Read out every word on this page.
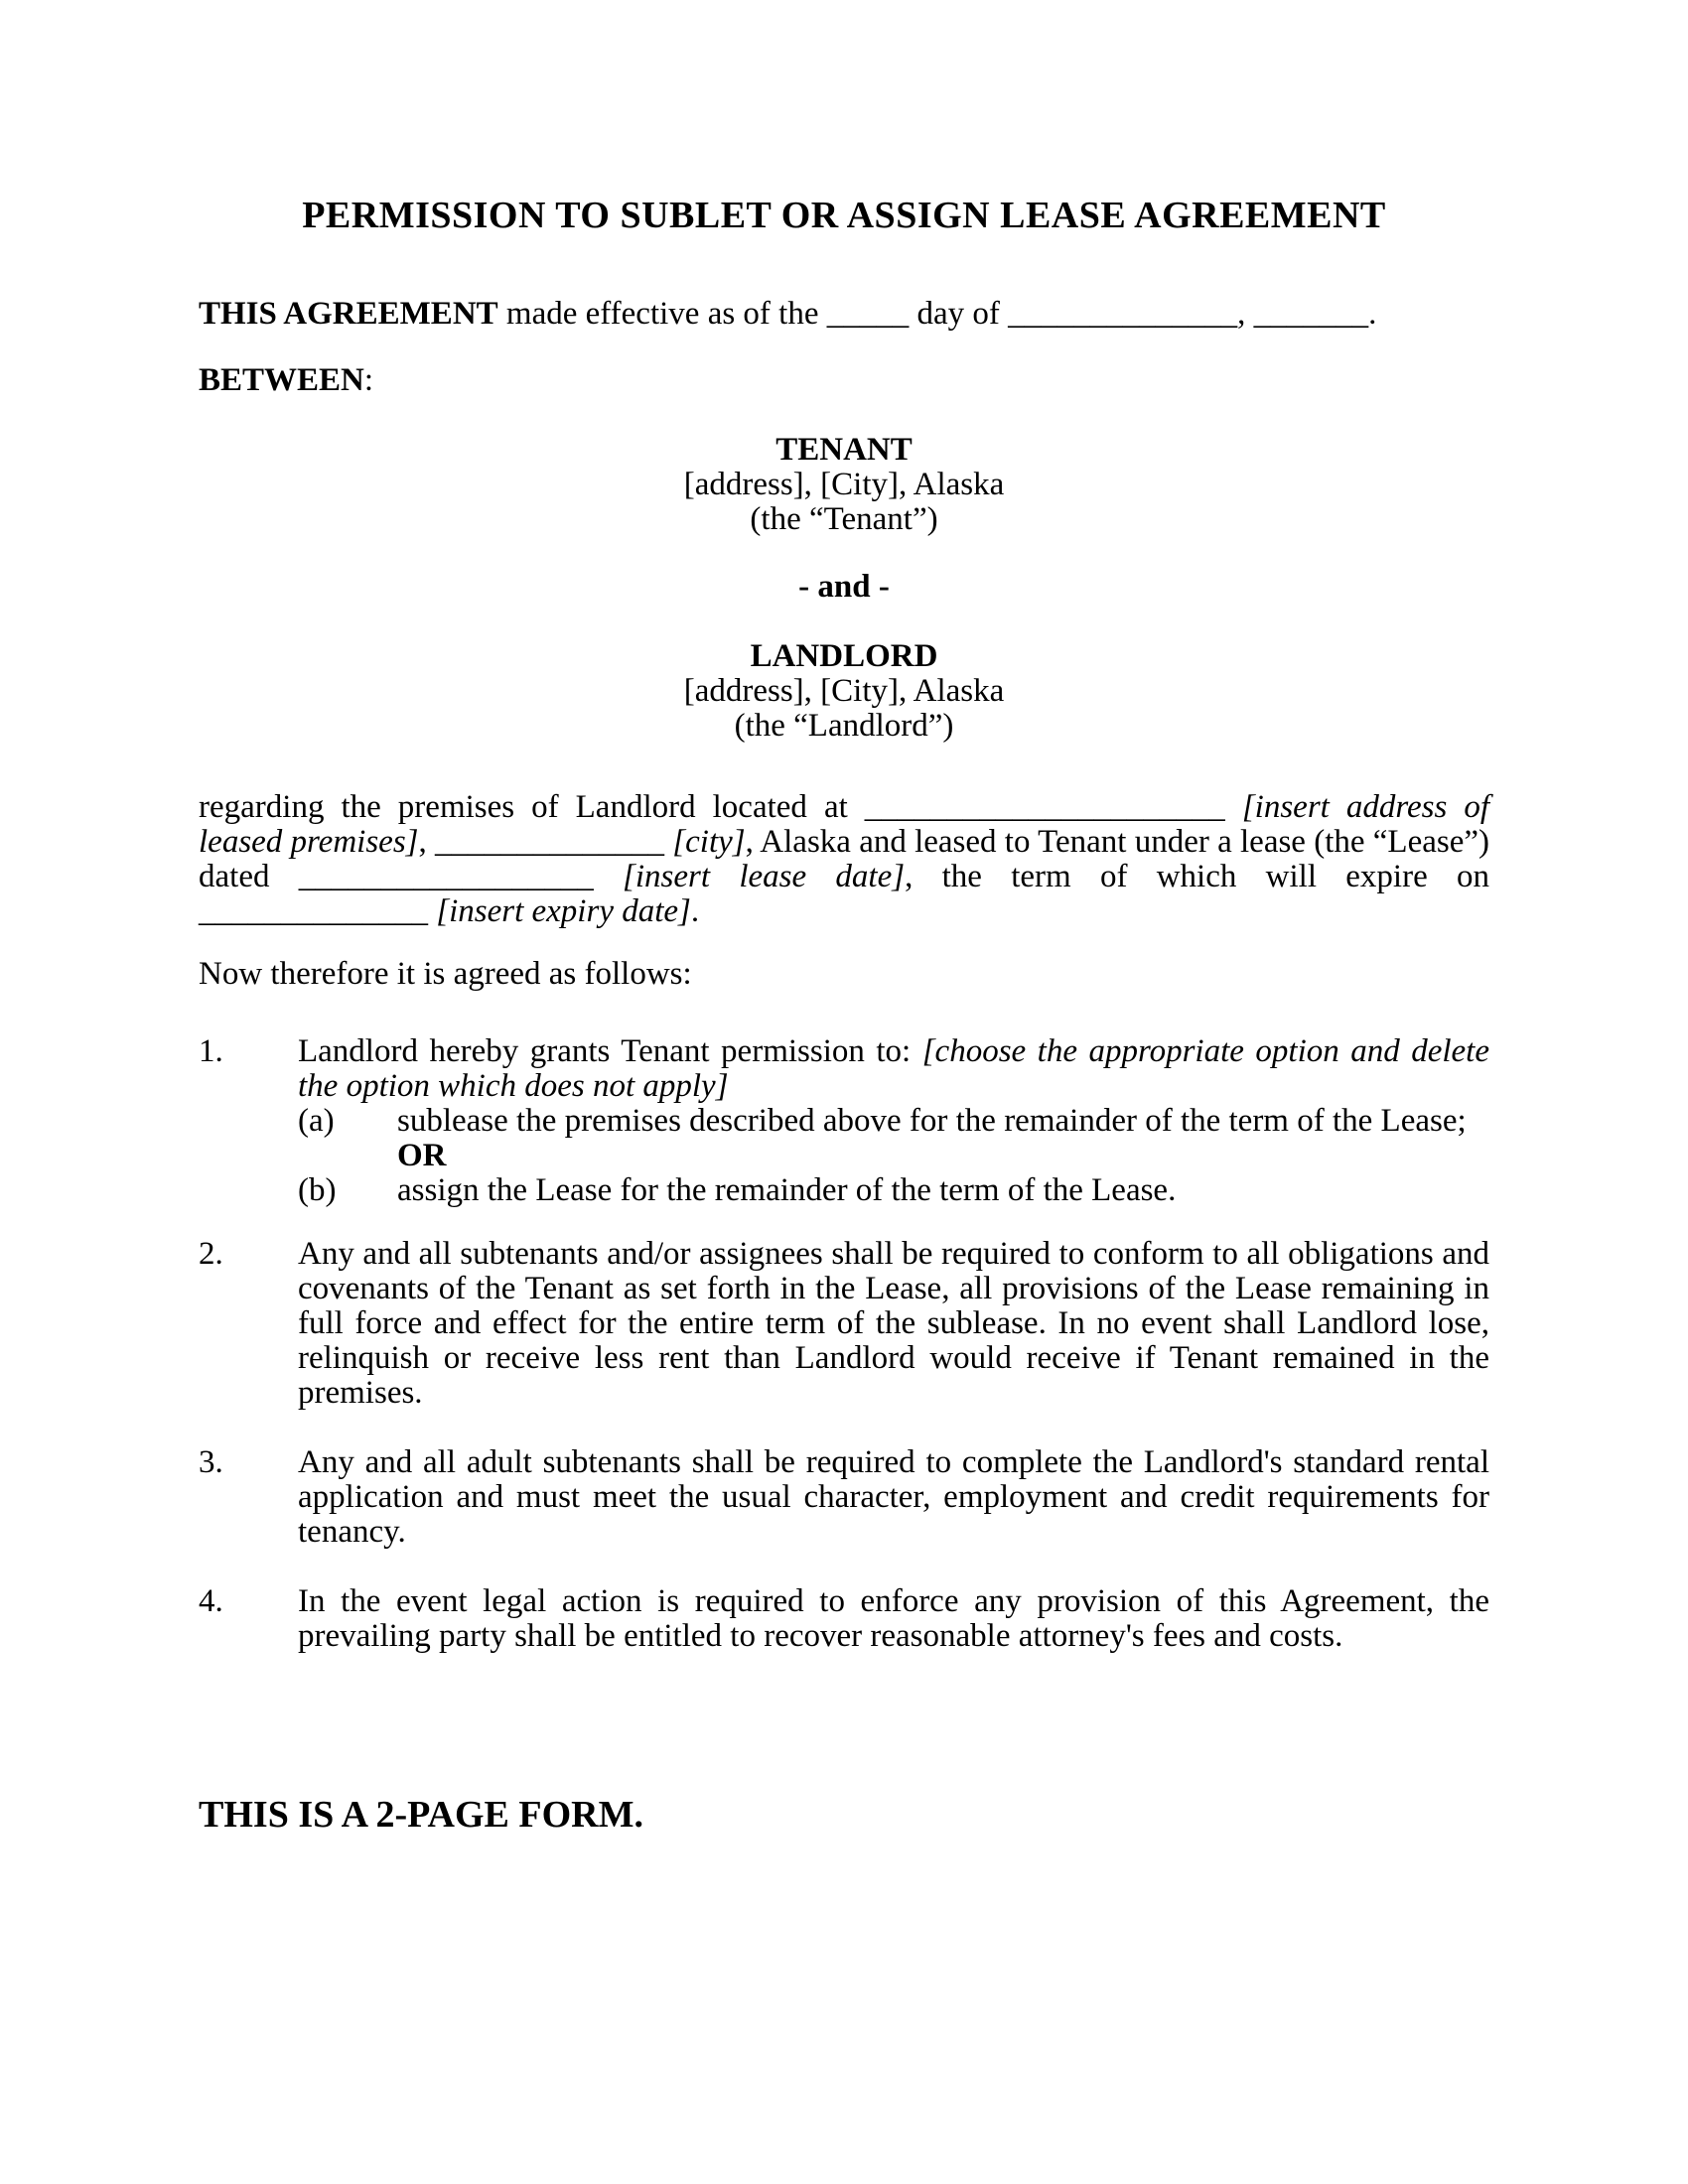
PERMISSION TO SUBLET OR ASSIGN LEASE AGREEMENT

THIS AGREEMENT made effective as of the _____ day of ______________, _______.

BETWEEN:

TENANT
[address], [City], Alaska
(the “Tenant”)

- and -

LANDLORD
[address], [City], Alaska
(the “Landlord”)

regarding the premises of Landlord located at ______________________ [insert address of leased premises], ______________ [city], Alaska and leased to Tenant under a lease (the “Lease”) dated __________________ [insert lease date], the term of which will expire on ______________ [insert expiry date].

Now therefore it is agreed as follows:

1. Landlord hereby grants Tenant permission to: [choose the appropriate option and delete the option which does not apply]
(a) sublease the premises described above for the remainder of the term of the Lease; OR
(b) assign the Lease for the remainder of the term of the Lease.
2. Any and all subtenants and/or assignees shall be required to conform to all obligations and covenants of the Tenant as set forth in the Lease, all provisions of the Lease remaining in full force and effect for the entire term of the sublease. In no event shall Landlord lose, relinquish or receive less rent than Landlord would receive if Tenant remained in the premises.
3. Any and all adult subtenants shall be required to complete the Landlord's standard rental application and must meet the usual character, employment and credit requirements for tenancy.
4. In the event legal action is required to enforce any provision of this Agreement, the prevailing party shall be entitled to recover reasonable attorney's fees and costs.

THIS IS A 2-PAGE FORM.
